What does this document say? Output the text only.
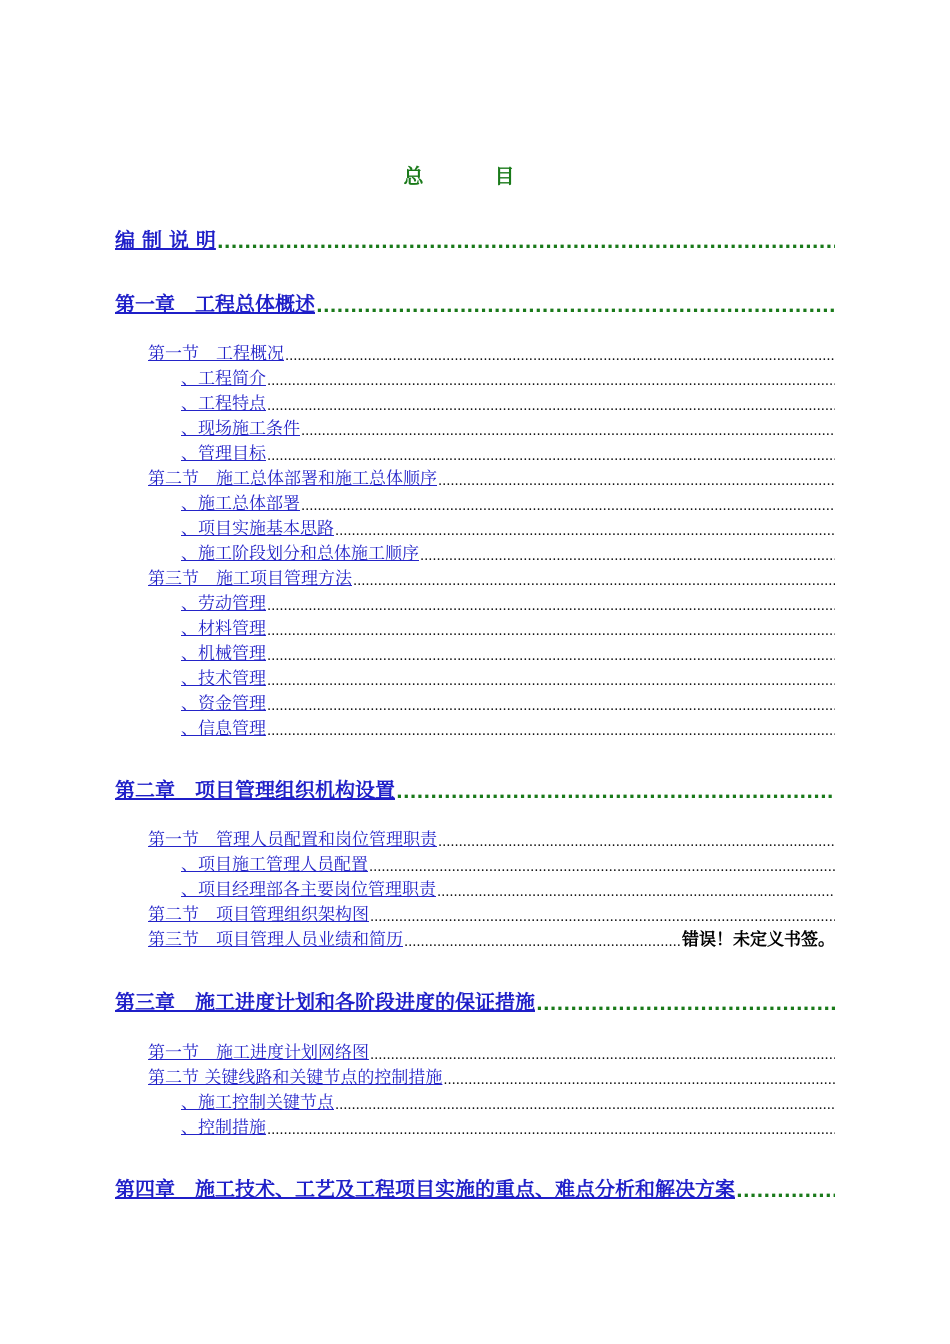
总 目
编 制 说 明
.....
第一章　工程总体概述
.....
第一节　工程概况
.....
、工程简介
.....
、工程特点
.....
、现场施工条件
.....
、管理目标
.....
第二节　施工总体部署和施工总体顺序
.....
、施工总体部署
.....
、项目实施基本思路
.....
、施工阶段划分和总体施工顺序
.....
第三节　施工项目管理方法
.....
、劳动管理
.....
、材料管理
.....
、机械管理
.....
、技术管理
.....
、资金管理
.....
、信息管理
.....
第二章　项目管理组织机构设置
.....
第一节　管理人员配置和岗位管理职责
.....
、项目施工管理人员配置
.....
、项目经理部各主要岗位管理职责
.....
第二节　项目管理组织架构图
.....
第三节　项目管理人员业绩和简历
.....	错误！未定义书签。
第三章　施工进度计划和各阶段进度的保证措施
.....
第一节　施工进度计划网络图
.....
第二节 关键线路和关键节点的控制措施
.....
、施工控制关键节点
.....
、控制措施
.....
第四章　施工技术、工艺及工程项目实施的重点、难点分析和解决方案
.....
